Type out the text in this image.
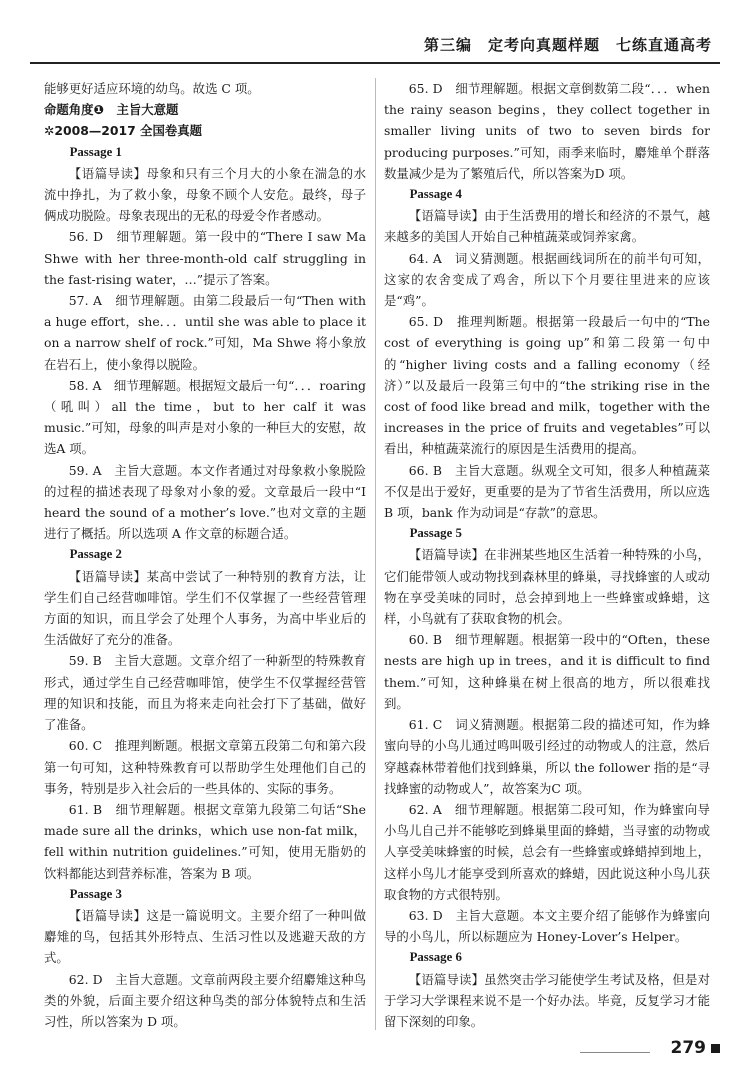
第三编　定考向真题样题　七练直通高考

能够更好适应环境的幼鸟。故选 C 项。

命题角度❶　主旨大意题

✲2008—2017 全国卷真题

Passage 1

【语篇导读】母象和只有三个月大的小象在湍急的水流中挣扎，为了救小象，母象不顾个人安危。最终，母子俩成功脱险。母象表现出的无私的母爱令作者感动。

56. D　细节理解题。第一段中的“There I saw Ma Shwe with her three-month-old calf struggling in the fast-rising water，…”提示了答案。

57. A　细节理解题。由第二段最后一句“Then with a huge effort，she．．．until she was able to place it on a narrow shelf of rock.”可知，Ma Shwe 将小象放在岩石上，使小象得以脱险。

58. A　细节理解题。根据短文最后一句“．．．roaring（吼叫）all the time，but to her calf it was music.”可知，母象的叫声是对小象的一种巨大的安慰，故选A 项。

59. A　主旨大意题。本文作者通过对母象救小象脱险的过程的描述表现了母象对小象的爱。文章最后一段中“I heard the sound of a mother’s love.”也对文章的主题进行了概括。所以选项 A 作文章的标题合适。

Passage 2

【语篇导读】某高中尝试了一种特别的教育方法，让学生们自己经营咖啡馆。学生们不仅掌握了一些经营管理方面的知识，而且学会了处理个人事务，为高中毕业后的生活做好了充分的准备。

59. B　主旨大意题。文章介绍了一种新型的特殊教育形式，通过学生自己经营咖啡馆，使学生不仅掌握经营管理的知识和技能，而且为将来走向社会打下了基础，做好了准备。

60. C　推理判断题。根据文章第五段第二句和第六段第一句可知，这种特殊教育可以帮助学生处理他们自己的事务，特别是步入社会后的一些具体的、实际的事务。

61. B　细节理解题。根据文章第九段第二句话“She made sure all the drinks，which use non-fat milk，fell within nutrition guidelines.”可知，使用无脂奶的饮料都能达到营养标准，答案为 B 项。

Passage 3

【语篇导读】这是一篇说明文。主要介绍了一种叫做麝雉的鸟，包括其外形特点、生活习性以及逃避天敌的方式。

62. D　主旨大意题。文章前两段主要介绍麝雉这种鸟类的外貌，后面主要介绍这种鸟类的部分体貌特点和生活习性，所以答案为 D 项。

65. D　细节理解题。根据文章倒数第二段“．．．when the rainy season begins，they collect together in smaller living units of two to seven birds for producing purposes.”可知，雨季来临时，麝雉单个群落数量减少是为了繁殖后代，所以答案为D 项。

Passage 4

【语篇导读】由于生活费用的增长和经济的不景气，越来越多的美国人开始自己种植蔬菜或饲养家禽。

64. A　词义猜测题。根据画线词所在的前半句可知，这家的农舍变成了鸡舍，所以下个月要往里进来的应该是“鸡”。

65. D　推理判断题。根据第一段最后一句中的“The cost of everything is going up”和第二段第一句中的“higher living costs and a falling economy（经济）”以及最后一段第三句中的“the striking rise in the cost of food like bread and milk，together with the increases in the price of fruits and vegetables”可以看出，种植蔬菜流行的原因是生活费用的提高。

66. B　主旨大意题。纵观全文可知，很多人种植蔬菜不仅是出于爱好，更重要的是为了节省生活费用，所以应选 B 项，bank 作为动词是“存款”的意思。

Passage 5

【语篇导读】在非洲某些地区生活着一种特殊的小鸟，它们能带领人或动物找到森林里的蜂巢，寻找蜂蜜的人或动物在享受美味的同时，总会掉到地上一些蜂蜜或蜂蜡，这样，小鸟就有了获取食物的机会。

60. B　细节理解题。根据第一段中的“Often，these nests are high up in trees，and it is difficult to find them.”可知，这种蜂巢在树上很高的地方，所以很难找到。

61. C　词义猜测题。根据第二段的描述可知，作为蜂蜜向导的小鸟儿通过鸣叫吸引经过的动物或人的注意，然后穿越森林带着他们找到蜂巢，所以 the follower 指的是“寻找蜂蜜的动物或人”，故答案为C 项。

62. A　细节理解题。根据第二段可知，作为蜂蜜向导小鸟儿自己并不能够吃到蜂巢里面的蜂蜡，当寻蜜的动物或人享受美味蜂蜜的时候，总会有一些蜂蜜或蜂蜡掉到地上，这样小鸟儿才能享受到所喜欢的蜂蜡，因此说这种小鸟儿获取食物的方式很特别。

63. D　主旨大意题。本文主要介绍了能够作为蜂蜜向导的小鸟儿，所以标题应为 Honey-Lover’s Helper。

Passage 6

【语篇导读】虽然突击学习能使学生考试及格，但是对于学习大学课程来说不是一个好办法。毕竟，反复学习才能留下深刻的印象。

279
